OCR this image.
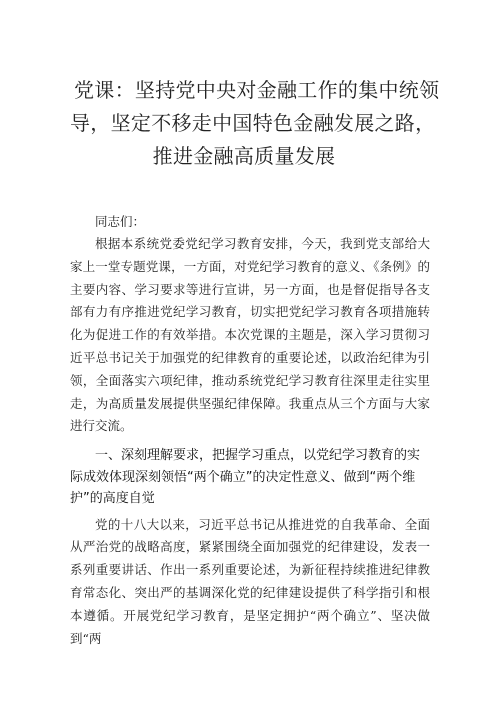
党课：坚持党中央对金融工作的集中统领
导，坚定不移走中国特色金融发展之路，
推进金融高质量发展
同志们：

根据本系统党委党纪学习教育安排，今天，我到党支部给大家上一堂专题党课，一方面，对党纪学习教育的意义、《条例》的主要内容、学习要求等进行宣讲，另一方面，也是督促指导各支部有力有序推进党纪学习教育，切实把党纪学习教育各项措施转化为促进工作的有效举措。本次党课的主题是，深入学习贯彻习近平总书记关于加强党的纪律教育的重要论述，以政治纪律为引领，全面落实六项纪律，推动系统党纪学习教育往深里走往实里走，为高质量发展提供坚强纪律保障。我重点从三个方面与大家进行交流。

一、深刻理解要求，把握学习重点，以党纪学习教育的实际成效体现深刻领悟“两个确立”的决定性意义、做到“两个维护”的高度自觉

党的十八大以来，习近平总书记从推进党的自我革命、全面从严治党的战略高度，紧紧围绕全面加强党的纪律建设，发表一系列重要讲话、作出一系列重要论述，为新征程持续推进纪律教育常态化、突出严的基调深化党的纪律建设提供了科学指引和根本遵循。开展党纪学习教育，是坚定拥护“两个确立”、坚决做到“两
